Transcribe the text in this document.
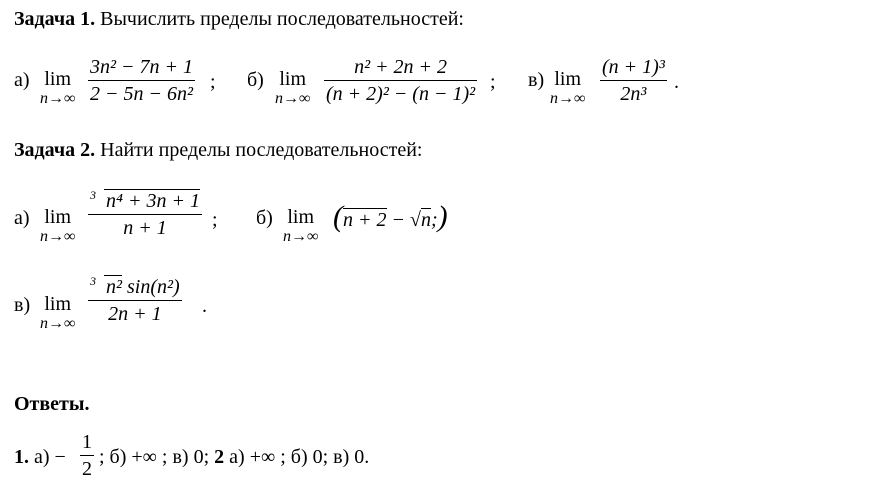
Задача 1. Вычислить пределы последовательностей:
а) lim
n→∞
3n² − 7n + 1
2 − 5n − 6n²
; б) lim
n→∞
n² + 2n + 2
(n + 2)² − (n − 1)²
; в) lim
n→∞
(n + 1)³
2n³
.
Задача 2. Найти пределы последовательностей:
а) lim
n→∞
3 n⁴ + 3n + 1
n + 1 ; б) lim
n→∞
(n + 2 − √n;)
в) lim
n→∞
3 n² sin(n²)
2n + 1 .
Ответы.
1. а) −
1
2
; б) +∞ ; в) 0; 2 а) +∞ ; б) 0; в) 0.
